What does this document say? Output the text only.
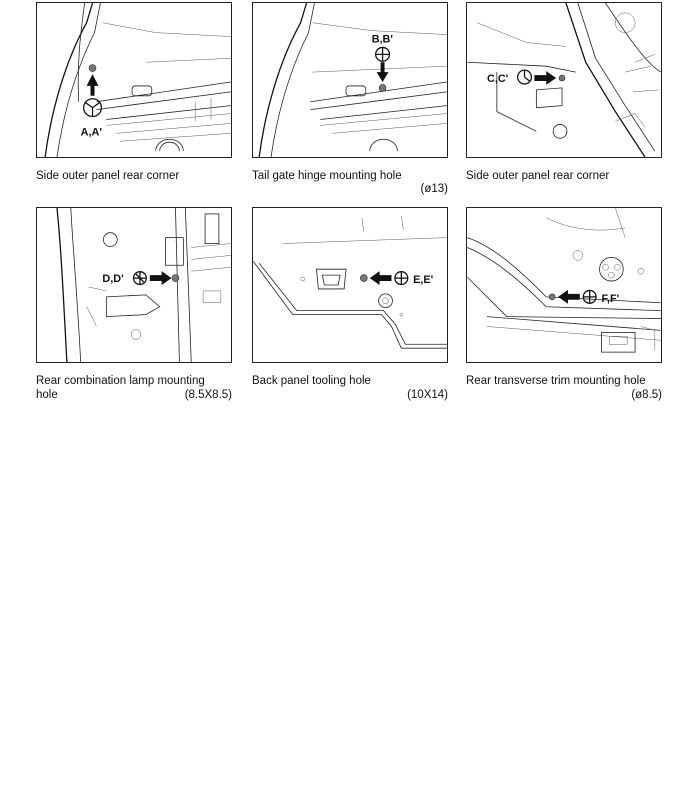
A,A'
Side outer panel rear corner
B,B'
Tail gate hinge mounting hole
(ø13)
C,C'
Side outer panel rear corner
D,D'
Rear combination lamp mounting
hole	(8.5X8.5)
E,E'
Back panel tooling hole
(10X14)
F,F'
Rear transverse trim mounting hole
(ø8.5)
